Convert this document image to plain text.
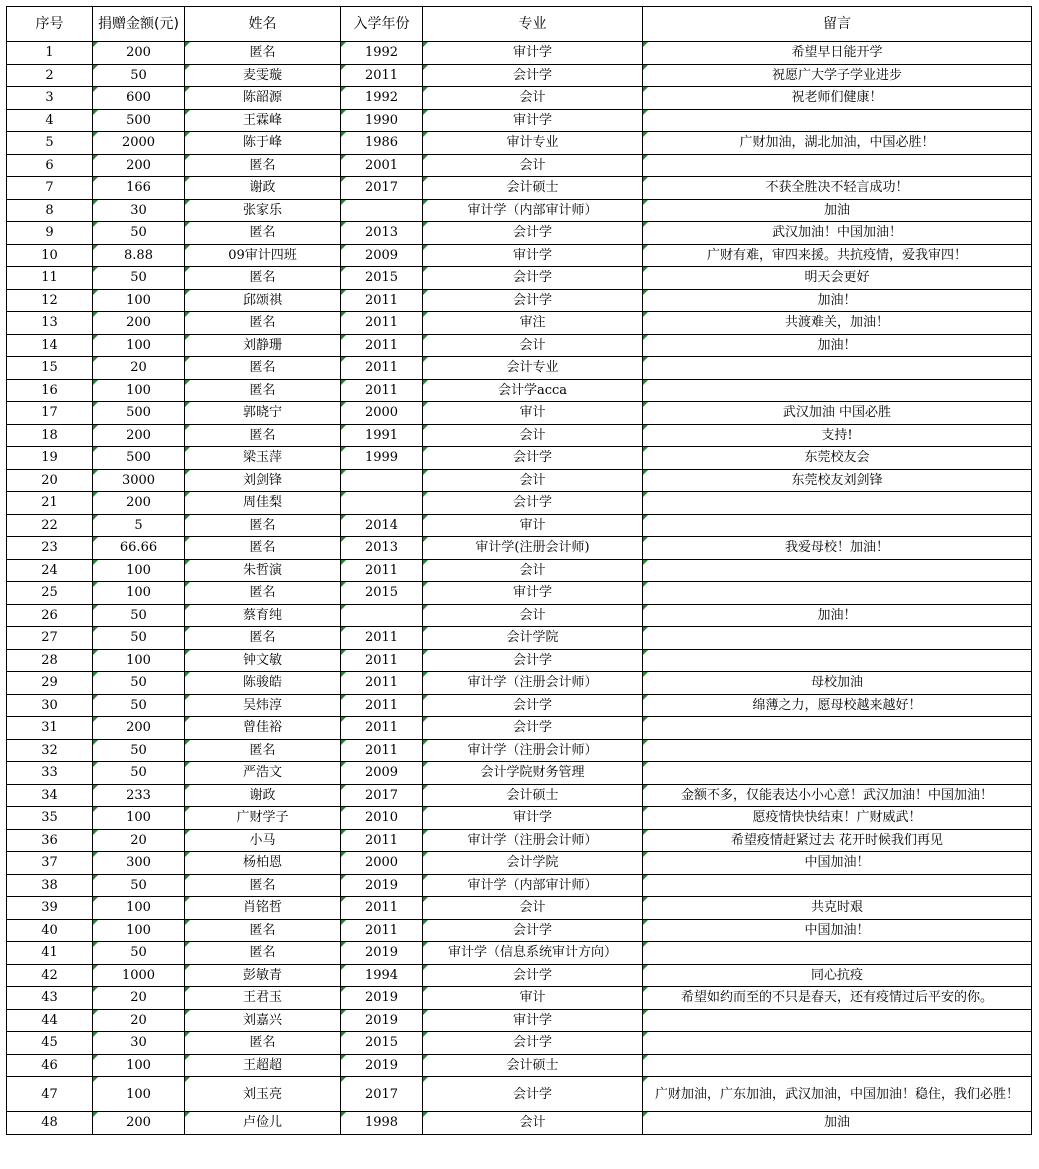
序号	捐赠金额(元)	姓名	入学年份	专业	留言
1	200	匿名	1992	审计学	希望早日能开学
2	50	麦雯璇	2011	会计学	祝愿广大学子学业进步
3	600	陈韶源	1992	会计	祝老师们健康！
4	500	王霖峰	1990	审计学	
5	2000	陈于峰	1986	审计专业	广财加油，湖北加油，中国必胜！
6	200	匿名	2001	会计	
7	166	谢政	2017	会计硕士	不获全胜决不轻言成功！
8	30	张家乐		审计学（内部审计师）	加油
9	50	匿名	2013	会计学	武汉加油！中国加油！
10	8.88	09审计四班	2009	审计学	广财有难，审四来援。共抗疫情，爱我审四！
11	50	匿名	2015	会计学	明天会更好
12	100	邱颂祺	2011	会计学	加油！
13	200	匿名	2011	审注	共渡难关，加油！
14	100	刘静珊	2011	会计	加油！
15	20	匿名	2011	会计专业	
16	100	匿名	2011	会计学acca	
17	500	郭晓宁	2000	审计	武汉加油 中国必胜
18	200	匿名	1991	会计	支持!
19	500	梁玉萍	1999	会计学	东莞校友会
20	3000	刘剑锋		会计	东莞校友刘剑锋
21	200	周佳梨		会计学	
22	5	匿名	2014	审计	
23	66.66	匿名	2013	审计学(注册会计师)	我爱母校！加油！
24	100	朱哲演	2011	会计	
25	100	匿名	2015	审计学	
26	50	蔡育纯		会计	加油！
27	50	匿名	2011	会计学院	
28	100	钟文敏	2011	会计学	
29	50	陈骏皓	2011	审计学（注册会计师）	母校加油
30	50	吴炜淳	2011	会计学	绵薄之力，愿母校越来越好！
31	200	曾佳裕	2011	会计学	
32	50	匿名	2011	审计学（注册会计师）	
33	50	严浩文	2009	会计学院财务管理	
34	233	谢政	2017	会计硕士	金额不多，仅能表达小小心意！武汉加油！中国加油！
35	100	广财学子	2010	审计学	愿疫情快快结束！广财威武！
36	20	小马	2011	审计学（注册会计师）	希望疫情赶紧过去 花开时候我们再见
37	300	杨柏恩	2000	会计学院	中国加油！
38	50	匿名	2019	审计学（内部审计师）	
39	100	肖铭哲	2011	会计	共克时艰
40	100	匿名	2011	会计学	中国加油！
41	50	匿名	2019	审计学（信息系统审计方向）	
42	1000	彭敏青	1994	会计学	同心抗疫
43	20	王君玉	2019	审计	希望如约而至的不只是春天，还有疫情过后平安的你。
44	20	刘嘉兴	2019	审计学	
45	30	匿名	2015	会计学	
46	100	王超超	2019	会计硕士	
47	100	刘玉亮	2017	会计学	广财加油，广东加油，武汉加油，中国加油！稳住，我们必胜！
48	200	卢俭儿	1998	会计	加油
